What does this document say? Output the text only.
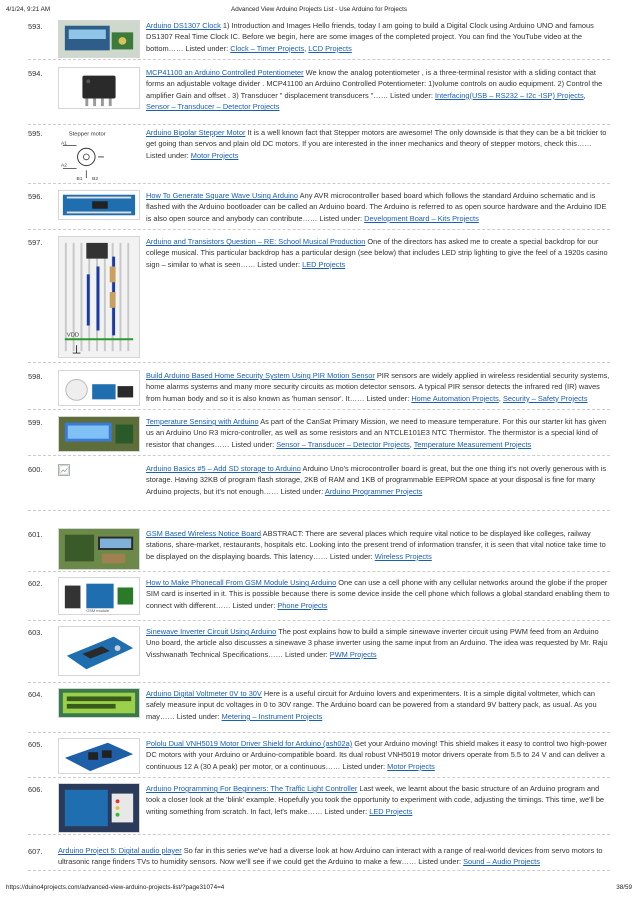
4/1/24, 9:21 AM	Advanced View Arduino Projects List - Use Arduino for Projects
593.	Arduino DS1307 Clock 1) Introduction and Images Hello friends, today I am going to build a Digital Clock using Arduino UNO and famous DS1307 Real Time Clock IC. Before we begin, here are some images of the completed project. You can find the YouTube video at the bottom…… Listed under: Clock – Timer Projects, LCD Projects
594.	MCP41100 an Arduino Controlled Potentiometer We know the analog potentiometer , is a three-terminal resistor with a sliding contact that forms an adjustable voltage divider . MCP41100 an Arduino Controlled Potentiometer: 1)volume controls on audio equipment. 2) Control the amplifier Gain and offset . 3) Transducer " displacement transducers "…… Listed under: Interfacing(USB – RS232 – I2c -ISP) Projects, Sensor – Transducer – Detector Projects
595.	Stepper motor
A1
A2
B1 B2
Arduino Bipolar Stepper Motor It is a well known fact that Stepper motors are awesome! The only downside is that they can be a bit trickier to get going than servos and plain old DC motors. If you are interested in the inner mechanics and theory of stepper motors, check this…… Listed under: Motor Projects
596.	How To Generate Square Wave Using Arduino Any AVR microcontroller based board which follows the standard Arduino schematic and is flashed with the Arduino bootloader can be called an Arduino board. The Arduino is referred to as open source hardware and the Arduino IDE is also open source and anybody can contribute…… Listed under: Development Board – Kits Projects
597.
VDD
Arduino and Transistors Question – RE: School Musical Production One of the directors has asked me to create a special backdrop for our college musical. This particular backdrop has a particular design (see below) that includes LED strip lighting to give the feel of a 1920s casino sign – similar to what is seen…… Listed under: LED Projects
598.	Build Arduino Based Home Security System Using PIR Motion Sensor PIR sensors are widely applied in wireless residential security systems, home alarms systems and many more security circuits as motion detector sensors. A typical PIR sensor detects the infrared red (IR) waves from human body and so it is also known as 'human sensor'. It…… Listed under: Home Automation Projects, Security – Safety Projects
599.	Temperature Sensing with Arduino As part of the CanSat Primary Mission, we need to measure temperature. For this our starter kit has given us an Arduino Uno R3 micro-controller, as well as some resistors and an NTCLE101E3 NTC Thermistor. The thermistor is a special kind of resistor that changes…… Listed under: Sensor – Transducer – Detector Projects, Temperature Measurement Projects
600.	Arduino Basics #5 – Add SD storage to Arduino Arduino Uno's microcontroller board is great, but the one thing it's not overly generous with is storage. Having 32KB of program flash storage, 2KB of RAM and 1KB of programmable EEPROM space at your disposal is fine for many Arduino projects, but it's not enough…… Listed under: Arduino Programmer Projects
601.	GSM Based Wireless Notice Board ABSTRACT: There are several places which require vital notice to be displayed like colleges, railway stations, share-market, restaurants, hospitals etc. Looking into the present trend of information transfer, it is seen that vital notice take time to be displayed on the displaying boards. This latency…… Listed under: Wireless Projects
602.
GSM module
How to Make Phonecall From GSM Module Using Arduino One can use a cell phone with any cellular networks around the globe if the proper SIM card is inserted in it. This is possible because there is some device inside the cell phone which follows a global standard enabling them to connect with different…… Listed under: Phone Projects
603.	Sinewave Inverter Circuit Using Arduino The post explains how to build a simple sinewave inverter circuit using PWM feed from an Arduino Uno board, the article also discusses a sinewave 3 phase inverter using the same input from an Arduino. The idea was requested by Mr. Raju Visshwanath Technical Specifications…… Listed under: PWM Projects
604.	Arduino Digital Voltmeter 0V to 30V Here is a useful circuit for Arduino lovers and experimenters. It is a simple digital voltmeter, which can safely measure input dc voltages in 0 to 30V range. The Arduino board can be powered from a standard 9V battery pack, as usual. As you may…… Listed under: Metering – Instrument Projects
605.	Pololu Dual VNH5019 Motor Driver Shield for Arduino (ash02a) Get your Arduino moving! This shield makes it easy to control two high-power DC motors with your Arduino or Arduino-compatible board. Its dual robust VNH5019 motor drivers operate from 5.5 to 24 V and can deliver a continuous 12 A (30 A peak) per motor, or a continuous…… Listed under: Motor Projects
606.	Arduino Programming For Beginners: The Traffic Light Controller Last week, we learnt about the basic structure of an Arduino program and took a closer look at the 'blink' example. Hopefully you took the opportunity to experiment with code, adjusting the timings. This time, we'll be writing something from scratch. In fact, let's make…… Listed under: LED Projects
607.	Arduino Project 5: Digital audio player So far in this series we've had a diverse look at how Arduino can interact with a range of real-world devices from servo motors to ultrasonic range finders TVs to humidity sensors. Now we'll see if we could get the Arduino to make a few…… Listed under: Sound – Audio Projects
https://duino4projects.com/advanced-view-arduino-projects-list/?page31074=4	38/59
